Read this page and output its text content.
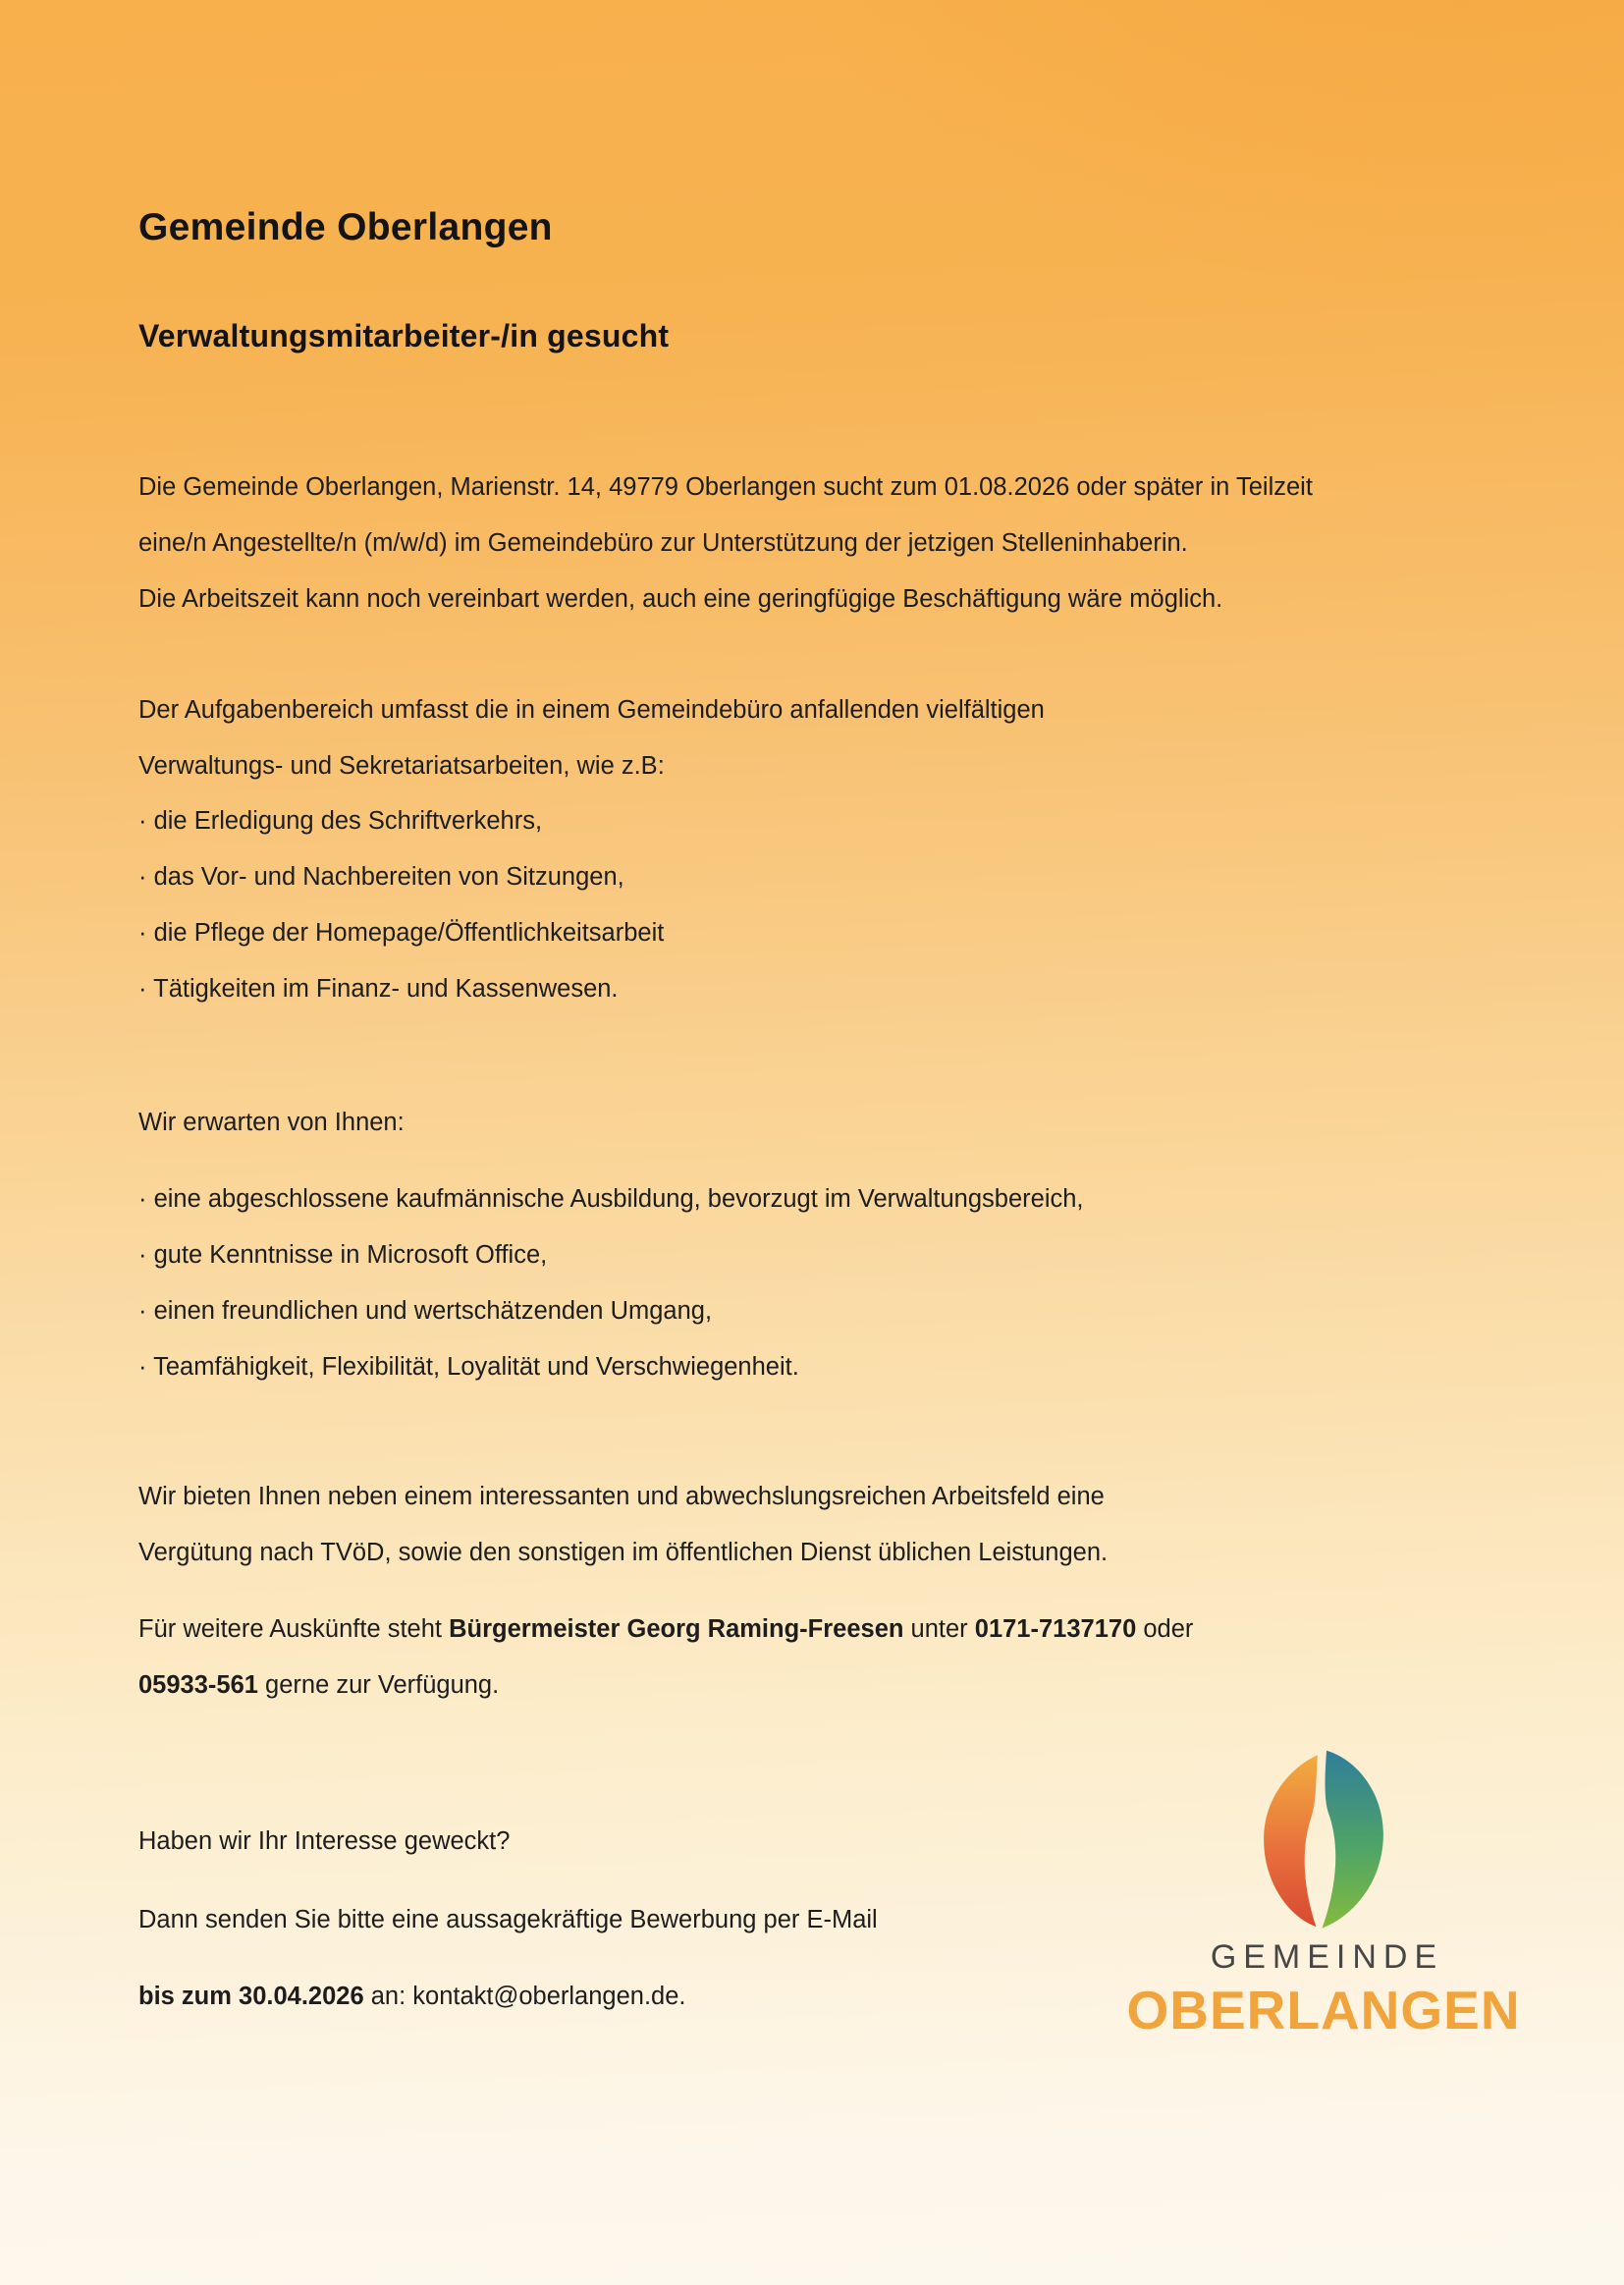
Gemeinde Oberlangen
Verwaltungsmitarbeiter-/in gesucht
Die Gemeinde Oberlangen, Marienstr. 14, 49779 Oberlangen sucht zum 01.08.2026 oder später in Teilzeit
eine/n Angestellte/n (m/w/d) im Gemeindebüro zur Unterstützung der jetzigen Stelleninhaberin.
Die Arbeitszeit kann noch vereinbart werden, auch eine geringfügige Beschäftigung wäre möglich.
Der Aufgabenbereich umfasst die in einem Gemeindebüro anfallenden vielfältigen
Verwaltungs- und Sekretariatsarbeiten, wie z.B:
· die Erledigung des Schriftverkehrs,
· das Vor- und Nachbereiten von Sitzungen,
· die Pflege der Homepage/Öffentlichkeitsarbeit
· Tätigkeiten im Finanz- und Kassenwesen.
Wir erwarten von Ihnen:
· eine abgeschlossene kaufmännische Ausbildung, bevorzugt im Verwaltungsbereich,
· gute Kenntnisse in Microsoft Office,
· einen freundlichen und wertschätzenden Umgang,
· Teamfähigkeit, Flexibilität, Loyalität und Verschwiegenheit.
Wir bieten Ihnen neben einem interessanten und abwechslungsreichen Arbeitsfeld eine
Vergütung nach TVöD, sowie den sonstigen im öffentlichen Dienst üblichen Leistungen.
Für weitere Auskünfte steht Bürgermeister Georg Raming-Freesen unter 0171-7137170 oder
05933-561 gerne zur Verfügung.
Haben wir Ihr Interesse geweckt?
Dann senden Sie bitte eine aussagekräftige Bewerbung per E-Mail
bis zum 30.04.2026 an: kontakt@oberlangen.de.
GEMEINDE
OBERLANGEN
